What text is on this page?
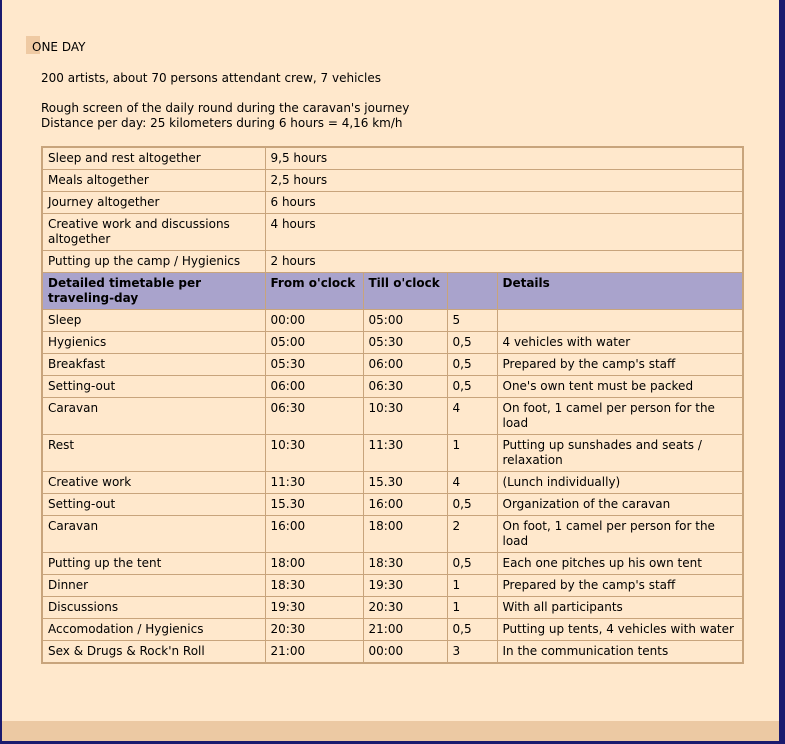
ONE DAY
200 artists, about 70 persons attendant crew, 7 vehicles
Rough screen of the daily round during the caravan's journey
Distance per day: 25 kilometers during 6 hours = 4,16 km/h
Sleep and rest altogether	9,5 hours			
Meals altogether	2,5 hours			
Journey altogether	6 hours			
Creative work and discussions altogether	4 hours			
Putting up the camp / Hygienics	2 hours			
Detailed timetable per traveling-day	From o'clock	Till o'clock		Details
Sleep	00:00	05:00	5	
Hygienics	05:00	05:30	0,5	4 vehicles with water
Breakfast	05:30	06:00	0,5	Prepared by the camp's staff
Setting-out	06:00	06:30	0,5	One's own tent must be packed
Caravan	06:30	10:30	4	On foot, 1 camel per person for the load
Rest	10:30	11:30	1	Putting up sunshades and seats / relaxation
Creative work	11:30	15.30	4	(Lunch individually)
Setting-out	15.30	16:00	0,5	Organization of the caravan
Caravan	16:00	18:00	2	On foot, 1 camel per person for the load
Putting up the tent	18:00	18:30	0,5	Each one pitches up his own tent
Dinner	18:30	19:30	1	Prepared by the camp's staff
Discussions	19:30	20:30	1	With all participants
Accomodation / Hygienics	20:30	21:00	0,5	Putting up tents, 4 vehicles with water
Sex & Drugs & Rock'n Roll	21:00	00:00	3	In the communication tents
